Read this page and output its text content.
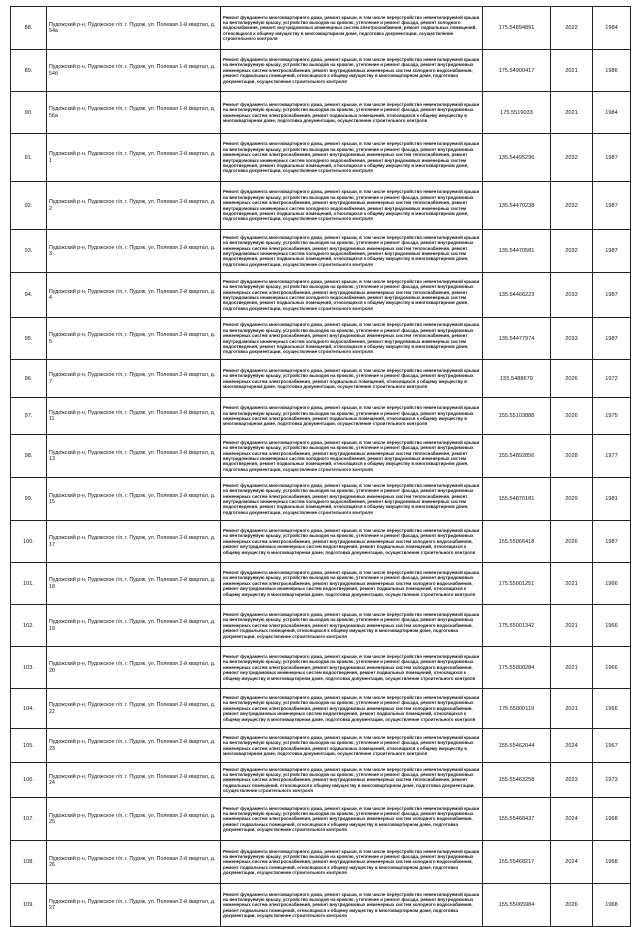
88.	Пудожский р-н, Пудожское г/п, г. Пудож, ул. Полевая 1-й квартал, д. 54а	Ремонт фундамента многоквартирного дома, ремонт крыши, в том числе переустройство невентилируемой крыши на вентилируемую крышу, устройство выходов на кровлю, утепление и ремонт фасада, ремонт холодного водоснабжения, ремонт внутридомовых инженерных систем электроснабжения, ремонт подвальных помещений, относящихся к общему имуществу в многоквартирном доме, подготовка документации, осуществление строительного контроля	175.54894891	2022	1984
89.	Пудожский р-н, Пудожское г/п, г. Пудож, ул. Полевая 1-й квартал, д. 54б	Ремонт фундамента многоквартирного дома, ремонт крыши, в том числе переустройство невентилируемой крыши на вентилируемую крышу, устройство выходов на кровлю, утепление и ремонт фасада, ремонт внутридомовых инженерных систем электроснабжения, ремонт внутридомовых инженерных систем холодного водоснабжения, ремонт подвальных помещений, относящихся к общему имуществу в многоквартирном доме, подготовка документации, осуществление строительного контроля	175.54900417	2021	1986
90.	Пудожский р-н, Пудожское г/п, г. Пудож, ул. Полевая 1-й квартал, д. 56а	Ремонт фундамента многоквартирного дома, ремонт крыши, в том числе переустройство невентилируемой крыши на вентилируемую крышу, устройство выходов на кровлю, утепление и ремонт фасада, ремонт внутридомовых инженерных систем электроснабжения, ремонт подвальных помещений, относящихся к общему имуществу в многоквартирном доме, подготовка документации, осуществление строительного контроля	175.5519033	2021	1984
91.	Пудожский р-н, Пудожское г/п, г. Пудож, ул. Полевая 2-й квартал, д. 1	Ремонт фундамента многоквартирного дома, ремонт крыши, в том числе переустройство невентилируемой крыши на вентилируемую крышу, устройство выходов на кровлю, утепление и ремонт фасада, ремонт внутридомовых инженерных систем электроснабжения, ремонт внутридомовых инженерных систем теплоснабжения, ремонт внутридомовых инженерных систем холодного водоснабжения, ремонт внутридомовых инженерных систем водоотведения, ремонт подвальных помещений, относящихся к общему имуществу в многоквартирном доме, подготовка документации, осуществление строительного контроля	135.54495296	2032	1987
92.	Пудожский р-н, Пудожское г/п, г. Пудож, ул. Полевая 2-й квартал, д. 2	Ремонт фундамента многоквартирного дома, ремонт крыши, в том числе переустройство невентилируемой крыши на вентилируемую крышу, устройство выходов на кровлю, утепление и ремонт фасада, ремонт внутридомовых инженерных систем электроснабжения, ремонт внутридомовых инженерных систем теплоснабжения, ремонт внутридомовых инженерных систем холодного водоснабжения, ремонт внутридомовых инженерных систем водоотведения, ремонт подвальных помещений, относящихся к общему имуществу в многоквартирном доме, подготовка документации, осуществление строительного контроля	135.54470238	2032	1987
93.	Пудожский р-н, Пудожское г/п, г. Пудож, ул. Полевая 2-й квартал, д. 3	Ремонт фундамента многоквартирного дома, ремонт крыши, в том числе переустройство невентилируемой крыши на вентилируемую крышу, устройство выходов на кровлю, утепление и ремонт фасада, ремонт внутридомовых инженерных систем электроснабжения, ремонт внутридомовых инженерных систем теплоснабжения, ремонт внутридомовых инженерных систем холодного водоснабжения, ремонт внутридомовых инженерных систем водоотведения, ремонт подвальных помещений, относящихся к общему имуществу в многоквартирном доме, подготовка документации, осуществление строительного контроля	135.54470581	2032	1987
94.	Пудожский р-н, Пудожское г/п, г. Пудож, ул. Полевая 2-й квартал, д. 4	Ремонт фундамента многоквартирного дома, ремонт крыши, в том числе переустройство невентилируемой крыши на вентилируемую крышу, устройство выходов на кровлю, утепление и ремонт фасада, ремонт внутридомовых инженерных систем электроснабжения, ремонт внутридомовых инженерных систем теплоснабжения, ремонт внутридомовых инженерных систем холодного водоснабжения, ремонт внутридомовых инженерных систем водоотведения, ремонт подвальных помещений, относящихся к общему имуществу в многоквартирном доме, подготовка документации, осуществление строительного контроля	135.54466223	2033	1987
95.	Пудожский р-н, Пудожское г/п, г. Пудож, ул. Полевая 2-й квартал, д. 5	Ремонт фундамента многоквартирного дома, ремонт крыши, в том числе переустройство невентилируемой крыши на вентилируемую крышу, устройство выходов на кровлю, утепление и ремонт фасада, ремонт внутридомовых инженерных систем электроснабжения, ремонт внутридомовых инженерных систем теплоснабжения, ремонт внутридомовых инженерных систем холодного водоснабжения, ремонт внутридомовых инженерных систем водоотведения, ремонт подвальных помещений, относящихся к общему имуществу в многоквартирном доме, подготовка документации, осуществление строительного контроля	135.54477974	2033	1987
96.	Пудожский р-н, Пудожское г/п, г. Пудож, ул. Полевая 2-й квартал, д. 7	Ремонт фундамента многоквартирного дома, ремонт крыши, в том числе переустройство невентилируемой крыши на вентилируемую крышу, устройство выходов на кровлю, утепление и ремонт фасада, ремонт внутридомовых инженерных систем электроснабжения, ремонт подвальных помещений, относящихся к общему имуществу в многоквартирном доме, подготовка документации, осуществление строительного контроля	155.5488679	2026	1972
97.	Пудожский р-н, Пудожское г/п, г. Пудож, ул. Полевая 2-й квартал, д. 11	Ремонт фундамента многоквартирного дома, ремонт крыши, в том числе переустройство невентилируемой крыши на вентилируемую крышу, устройство выходов на кровлю, утепление и ремонт фасада, ремонт внутридомовых инженерных систем электроснабжения, ремонт подвальных помещений, относящихся к общему имуществу в многоквартирном доме, подготовка документации, осуществление строительного контроля	155.55103888	2026	1975
98.	Пудожский р-н, Пудожское г/п, г. Пудож, ул. Полевая 2-й квартал, д. 13	Ремонт фундамента многоквартирного дома, ремонт крыши, в том числе переустройство невентилируемой крыши на вентилируемую крышу, устройство выходов на кровлю, утепление и ремонт фасада, ремонт внутридомовых инженерных систем электроснабжения, ремонт внутридомовых инженерных систем теплоснабжения, ремонт внутридомовых инженерных систем холодного водоснабжения, ремонт внутридомовых инженерных систем водоотведения, ремонт подвальных помещений, относящихся к общему имуществу в многоквартирном доме, подготовка документации, осуществление строительного контроля	155.54892856	2028	1977
99.	Пудожский р-н, Пудожское г/п, г. Пудож, ул. Полевая 2-й квартал, д. 15	Ремонт фундамента многоквартирного дома, ремонт крыши, в том числе переустройство невентилируемой крыши на вентилируемую крышу, устройство выходов на кровлю, утепление и ремонт фасада, ремонт внутридомовых инженерных систем электроснабжения, ремонт внутридомовых инженерных систем теплоснабжения, ремонт внутридомовых инженерных систем холодного водоснабжения, ремонт внутридомовых инженерных систем водоотведения, ремонт подвальных помещений, относящихся к общему имуществу в многоквартирном доме, подготовка документации, осуществление строительного контроля	155.54876181	2029	1981
100.	Пудожский р-н, Пудожское г/п, г. Пудож, ул. Полевая 2-й квартал, д. 17	Ремонт фундамента многоквартирного дома, ремонт крыши, в том числе переустройство невентилируемой крыши на вентилируемую крышу, устройство выходов на кровлю, утепление и ремонт фасада, ремонт внутридомовых инженерных систем электроснабжения, ремонт внутридомовых инженерных систем холодного водоснабжения, ремонт внутридомовых инженерных систем водоотведения, ремонт подвальных помещений, относящихся к общему имуществу в многоквартирном доме, подготовка документации, осуществление строительного контроля	155.55066418	2026	1987
101.	Пудожский р-н, Пудожское г/п, г. Пудож, ул. Полевая 2-й квартал, д. 18	Ремонт фундамента многоквартирного дома, ремонт крыши, в том числе переустройство невентилируемой крыши на вентилируемую крышу, устройство выходов на кровлю, утепление и ремонт фасада, ремонт внутридомовых инженерных систем электроснабжения, ремонт внутридомовых инженерных систем холодного водоснабжения, ремонт внутридомовых инженерных систем водоотведения, ремонт подвальных помещений, относящихся к общему имуществу в многоквартирном доме, подготовка документации, осуществление строительного контроля	175.55001251	2021	1966
102.	Пудожский р-н, Пудожское г/п, г. Пудож, ул. Полевая 2-й квартал, д. 19	Ремонт фундамента многоквартирного дома, ремонт крыши, в том числе переустройство невентилируемой крыши на вентилируемую крышу, устройство выходов на кровлю, утепление и ремонт фасада, ремонт внутридомовых инженерных систем электроснабжения, ремонт внутридомовых инженерных систем холодного водоснабжения, ремонт подвальных помещений, относящихся к общему имуществу в многоквартирном доме, подготовка документации, осуществление строительного контроля	175.55001342	2021	1966
103.	Пудожский р-н, Пудожское г/п, г. Пудож, ул. Полевая 2-й квартал, д. 20	Ремонт фундамента многоквартирного дома, ремонт крыши, в том числе переустройство невентилируемой крыши на вентилируемую крышу, устройство выходов на кровлю, утепление и ремонт фасада, ремонт внутридомовых инженерных систем электроснабжения, ремонт внутридомовых инженерных систем холодного водоснабжения, ремонт внутридомовых инженерных систем водоотведения, ремонт подвальных помещений, относящихся к общему имуществу в многоквартирном доме, подготовка документации, осуществление строительного контроля	175.55000284	2021	1966
104.	Пудожский р-н, Пудожское г/п, г. Пудож, ул. Полевая 2-й квартал, д. 22	Ремонт фундамента многоквартирного дома, ремонт крыши, в том числе переустройство невентилируемой крыши на вентилируемую крышу, устройство выходов на кровлю, утепление и ремонт фасада, ремонт внутридомовых инженерных систем электроснабжения, ремонт внутридомовых инженерных систем холодного водоснабжения, ремонт внутридомовых инженерных систем водоотведения, ремонт подвальных помещений, относящихся к общему имуществу в многоквартирном доме, подготовка документации, осуществление строительного контроля	175.55000119	2021	1966
105.	Пудожский р-н, Пудожское г/п, г. Пудож, ул. Полевая 2-й квартал, д. 23	Ремонт фундамента многоквартирного дома, ремонт крыши, в том числе переустройство невентилируемой крыши на вентилируемую крышу, устройство выходов на кровлю, утепление и ремонт фасада, ремонт внутридомовых инженерных систем электроснабжения, ремонт подвальных помещений, относящихся к общему имуществу в многоквартирном доме, подготовка документации, осуществление строительного контроля	155.55462044	2024	1967
106.	Пудожский р-н, Пудожское г/п, г. Пудож, ул. Полевая 2-й квартал, д. 24	Ремонт фундамента многоквартирного дома, ремонт крыши, в том числе переустройство невентилируемой крыши на вентилируемую крышу, устройство выходов на кровлю, утепление и ремонт фасада, ремонт внутридомовых инженерных систем электроснабжения, ремонт внутридомовых инженерных систем теплоснабжения, ремонт подвальных помещений, относящихся к общему имуществу в многоквартирном доме, подготовка документации, осуществление строительного контроля	155.55463258	2023	1973
107.	Пудожский р-н, Пудожское г/п, г. Пудож, ул. Полевая 2-й квартал, д. 25	Ремонт фундамента многоквартирного дома, ремонт крыши, в том числе переустройство невентилируемой крыши на вентилируемую крышу, устройство выходов на кровлю, утепление и ремонт фасада, ремонт внутридомовых инженерных систем электроснабжения, ремонт внутридомовых инженерных систем холодного водоснабжения, ремонт подвальных помещений, относящихся к общему имуществу в многоквартирном доме, подготовка документации, осуществление строительного контроля	155.55468437	2024	1968
108.	Пудожский р-н, Пудожское г/п, г. Пудож, ул. Полевая 2-й квартал, д. 26	Ремонт фундамента многоквартирного дома, ремонт крыши, в том числе переустройство невентилируемой крыши на вентилируемую крышу, устройство выходов на кровлю, утепление и ремонт фасада, ремонт внутридомовых инженерных систем электроснабжения, ремонт внутридомовых инженерных систем холодного водоснабжения, ремонт подвальных помещений, относящихся к общему имуществу в многоквартирном доме, подготовка документации, осуществление строительного контроля	155.55468217	2024	1968
109.	Пудожский р-н, Пудожское г/п, г. Пудож, ул. Полевая 2-й квартал, д. 27	Ремонт фундамента многоквартирного дома, ремонт крыши, в том числе переустройство невентилируемой крыши на вентилируемую крышу, устройство выходов на кровлю, утепление и ремонт фасада, ремонт внутридомовых инженерных систем электроснабжения, ремонт внутридомовых инженерных систем холодного водоснабжения, ремонт подвальных помещений, относящихся к общему имуществу в многоквартирном доме, подготовка документации, осуществление строительного контроля	155.55065984	2026	1968
